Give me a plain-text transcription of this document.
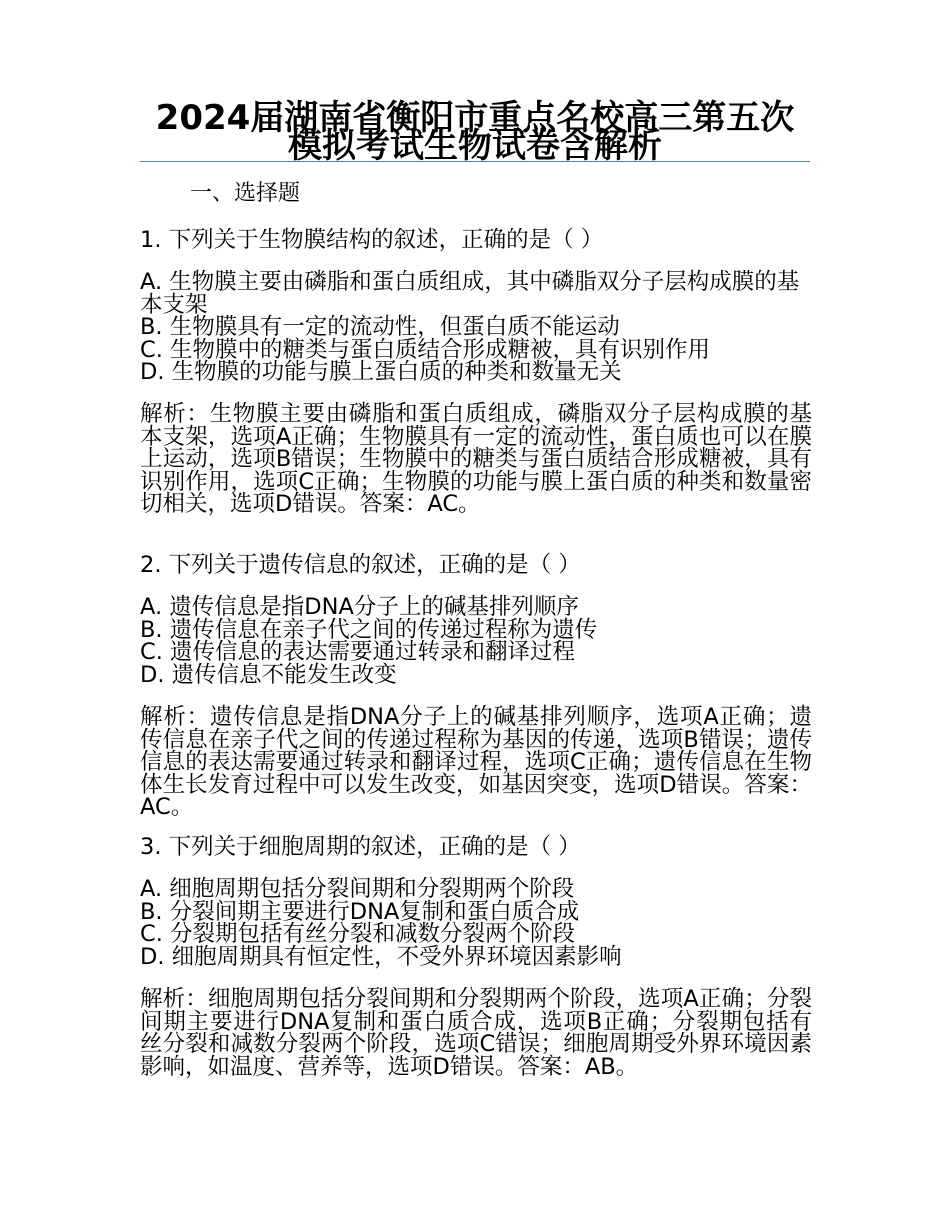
2024届湖南省衡阳市重点名校高三第五次模拟考试生物试卷含解析
一、选择题

1. 下列关于生物膜结构的叙述，正确的是（ ）

A. 生物膜主要由磷脂和蛋白质组成，其中磷脂双分子层构成膜的基本支架

B. 生物膜具有一定的流动性，但蛋白质不能运动

C. 生物膜中的糖类与蛋白质结合形成糖被，具有识别作用

D. 生物膜的功能与膜上蛋白质的种类和数量无关

解析：生物膜主要由磷脂和蛋白质组成，磷脂双分子层构成膜的基本支架，选项A正确；生物膜具有一定的流动性，蛋白质也可以在膜上运动，选项B错误；生物膜中的糖类与蛋白质结合形成糖被，具有识别作用，选项C正确；生物膜的功能与膜上蛋白质的种类和数量密切相关，选项D错误。答案：AC。

2. 下列关于遗传信息的叙述，正确的是（ ）

A. 遗传信息是指DNA分子上的碱基排列顺序

B. 遗传信息在亲子代之间的传递过程称为遗传

C. 遗传信息的表达需要通过转录和翻译过程

D. 遗传信息不能发生改变

解析：遗传信息是指DNA分子上的碱基排列顺序，选项A正确；遗传信息在亲子代之间的传递过程称为基因的传递，选项B错误；遗传信息的表达需要通过转录和翻译过程，选项C正确；遗传信息在生物体生长发育过程中可以发生改变，如基因突变，选项D错误。答案：AC。

3. 下列关于细胞周期的叙述，正确的是（ ）

A. 细胞周期包括分裂间期和分裂期两个阶段

B. 分裂间期主要进行DNA复制和蛋白质合成

C. 分裂期包括有丝分裂和减数分裂两个阶段

D. 细胞周期具有恒定性，不受外界环境因素影响

解析：细胞周期包括分裂间期和分裂期两个阶段，选项A正确；分裂间期主要进行DNA复制和蛋白质合成，选项B正确；分裂期包括有丝分裂和减数分裂两个阶段，选项C错误；细胞周期受外界环境因素影响，如温度、营养等，选项D错误。答案：AB。
